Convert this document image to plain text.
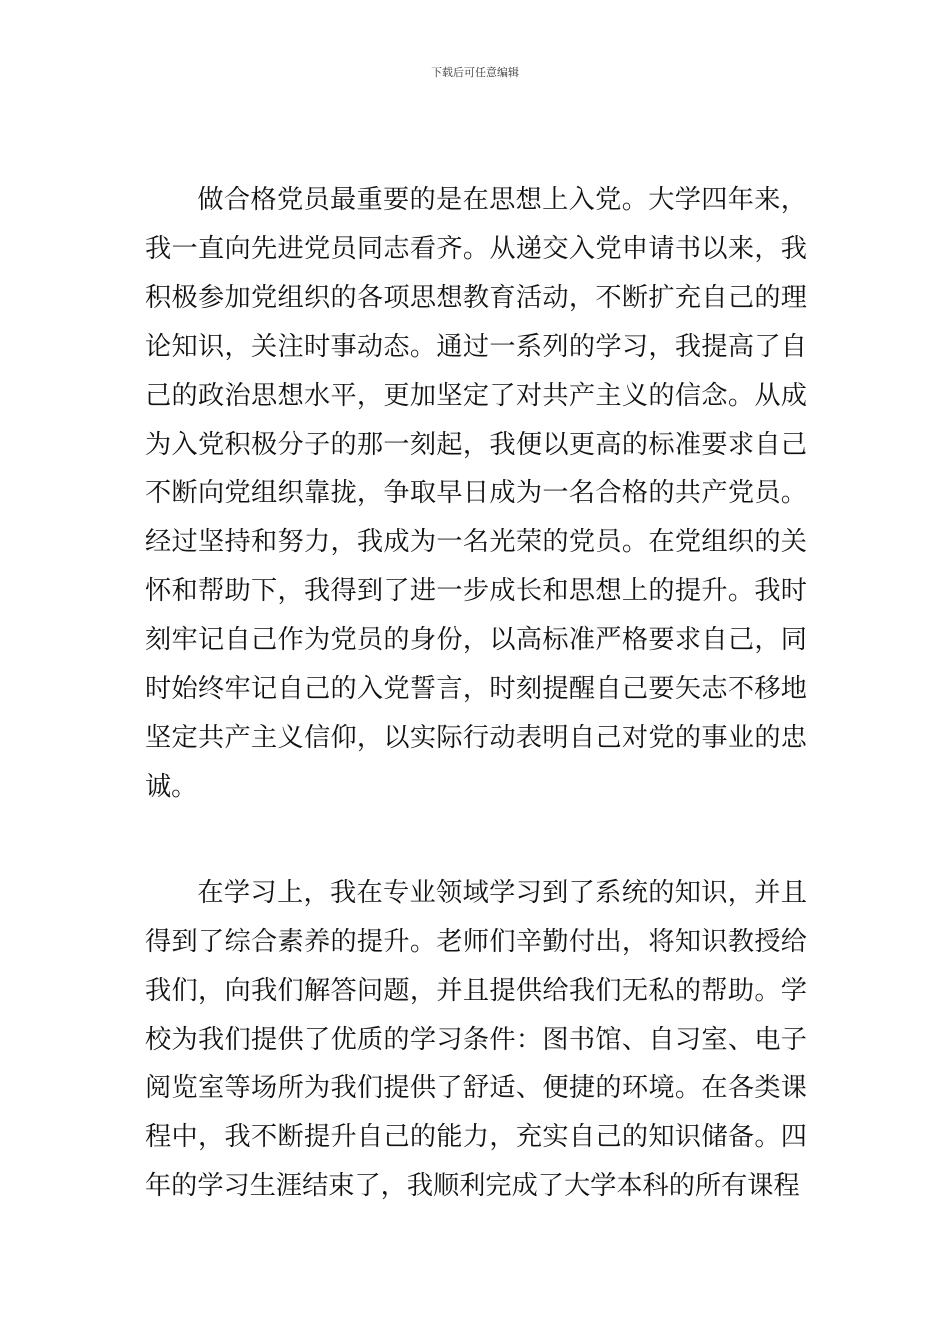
下载后可任意编辑

做合格党员最重要的是在思想上入党。大学四年来，我一直向先进党员同志看齐。从递交入党申请书以来，我积极参加党组织的各项思想教育活动，不断扩充自己的理论知识，关注时事动态。通过一系列的学习，我提高了自己的政治思想水平，更加坚定了对共产主义的信念。从成为入党积极分子的那一刻起，我便以更高的标准要求自己不断向党组织靠拢，争取早日成为一名合格的共产党员。经过坚持和努力，我成为一名光荣的党员。在党组织的关怀和帮助下，我得到了进一步成长和思想上的提升。我时刻牢记自己作为党员的身份，以高标准严格要求自己，同时始终牢记自己的入党誓言，时刻提醒自己要矢志不移地坚定共产主义信仰，以实际行动表明自己对党的事业的忠诚。

在学习上，我在专业领域学习到了系统的知识，并且得到了综合素养的提升。老师们辛勤付出，将知识教授给我们，向我们解答问题，并且提供给我们无私的帮助。学校为我们提供了优质的学习条件：图书馆、自习室、电子阅览室等场所为我们提供了舒适、便捷的环境。在各类课程中，我不断提升自己的能力，充实自己的知识储备。四年的学习生涯结束了，我顺利完成了大学本科的所有课程
